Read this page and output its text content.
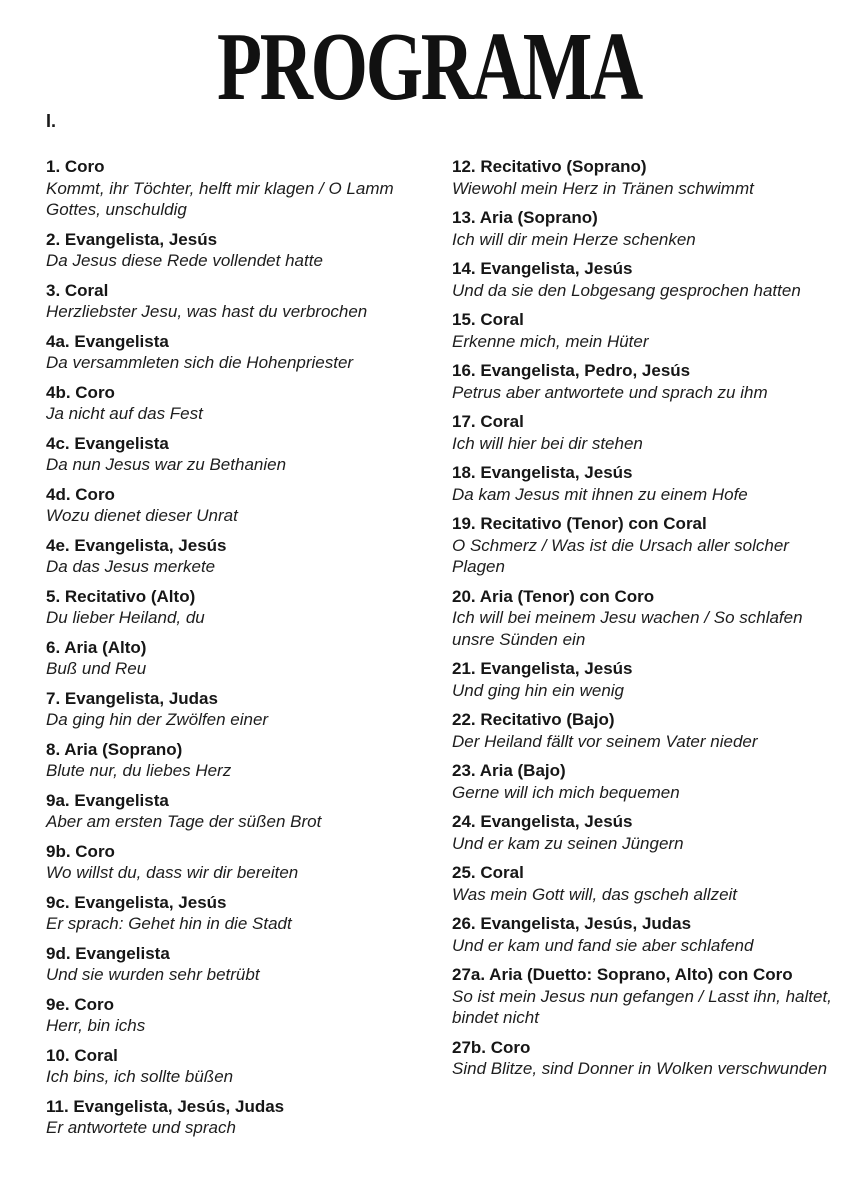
PROGRAMA
I.
1. Coro
Kommt, ihr Töchter, helft mir klagen / O Lamm Gottes, unschuldig
2. Evangelista, Jesús
Da Jesus diese Rede vollendet hatte
3. Coral
Herzliebster Jesu, was hast du verbrochen
4a. Evangelista
Da versammleten sich die Hohenpriester
4b. Coro
Ja nicht auf das Fest
4c. Evangelista
Da nun Jesus war zu Bethanien
4d. Coro
Wozu dienet dieser Unrat
4e. Evangelista, Jesús
Da das Jesus merkete
5. Recitativo (Alto)
Du lieber Heiland, du
6. Aria (Alto)
Buß und Reu
7. Evangelista, Judas
Da ging hin der Zwölfen einer
8. Aria (Soprano)
Blute nur, du liebes Herz
9a. Evangelista
Aber am ersten Tage der süßen Brot
9b. Coro
Wo willst du, dass wir dir bereiten
9c. Evangelista, Jesús
Er sprach: Gehet hin in die Stadt
9d. Evangelista
Und sie wurden sehr betrübt
9e. Coro
Herr, bin ichs
10. Coral
Ich bins, ich sollte büßen
11. Evangelista, Jesús, Judas
Er antwortete und sprach
12. Recitativo (Soprano)
Wiewohl mein Herz in Tränen schwimmt
13. Aria (Soprano)
Ich will dir mein Herze schenken
14. Evangelista, Jesús
Und da sie den Lobgesang gesprochen hatten
15. Coral
Erkenne mich, mein Hüter
16. Evangelista, Pedro, Jesús
Petrus aber antwortete und sprach zu ihm
17. Coral
Ich will hier bei dir stehen
18. Evangelista, Jesús
Da kam Jesus mit ihnen zu einem Hofe
19. Recitativo (Tenor) con Coral
O Schmerz / Was ist die Ursach aller solcher Plagen
20. Aria (Tenor) con Coro
Ich will bei meinem Jesu wachen / So schlafen unsre Sünden ein
21. Evangelista, Jesús
Und ging hin ein wenig
22. Recitativo (Bajo)
Der Heiland fällt vor seinem Vater nieder
23. Aria (Bajo)
Gerne will ich mich bequemen
24. Evangelista, Jesús
Und er kam zu seinen Jüngern
25. Coral
Was mein Gott will, das gscheh allzeit
26. Evangelista, Jesús, Judas
Und er kam und fand sie aber schlafend
27a. Aria (Duetto: Soprano, Alto) con Coro
So ist mein Jesus nun gefangen / Lasst ihn, haltet, bindet nicht
27b. Coro
Sind Blitze, sind Donner in Wolken verschwunden
